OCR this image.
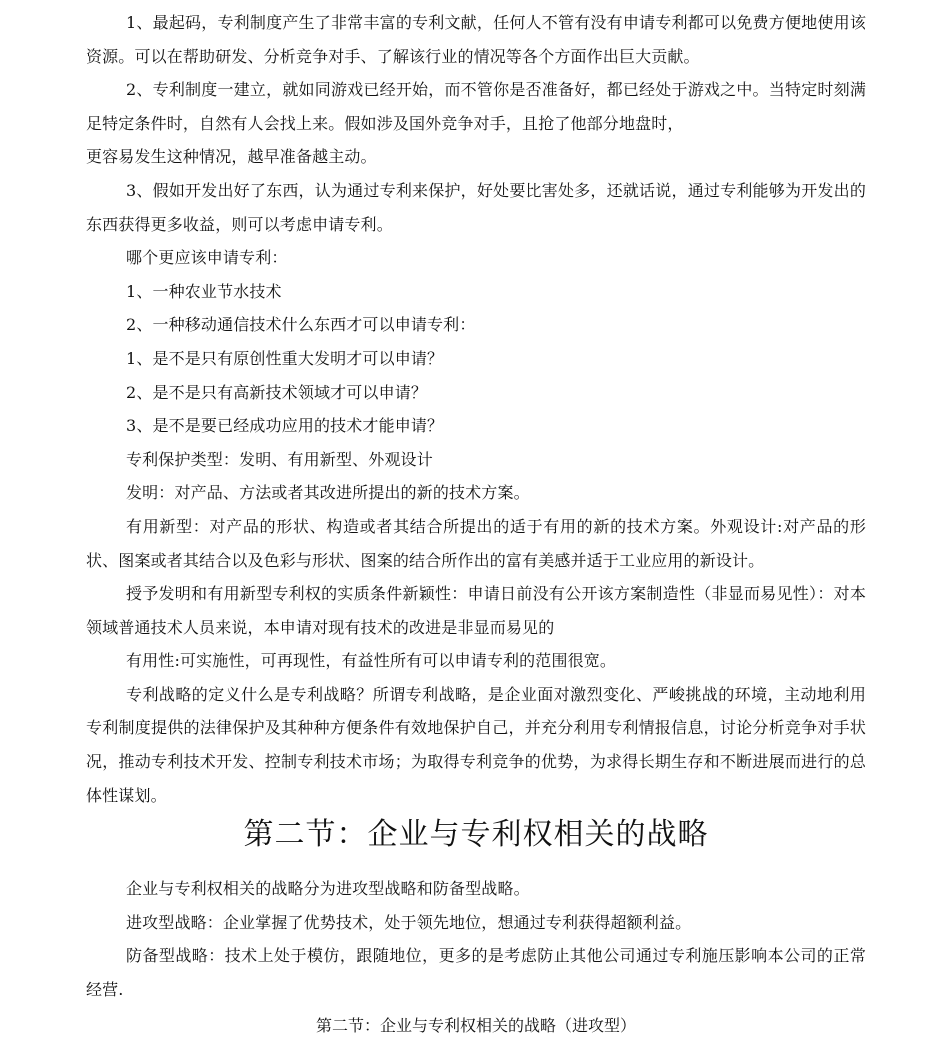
1、最起码，专利制度产生了非常丰富的专利文献，任何人不管有没有申请专利都可以免费方便地使用该资源。可以在帮助研发、分析竞争对手、了解该行业的情况等各个方面作出巨大贡献。

2、专利制度一建立，就如同游戏已经开始，而不管你是否准备好，都已经处于游戏之中。当特定时刻满足特定条件时，自然有人会找上来。假如涉及国外竞争对手，且抢了他部分地盘时，

更容易发生这种情况，越早准备越主动。

3、假如开发出好了东西，认为通过专利来保护，好处要比害处多，还就话说，通过专利能够为开发出的东西获得更多收益，则可以考虑申请专利。

哪个更应该申请专利：

1、一种农业节水技术

2、一种移动通信技术什么东西才可以申请专利：

1、是不是只有原创性重大发明才可以申请？

2、是不是只有高新技术领域才可以申请？

3、是不是要已经成功应用的技术才能申请？

专利保护类型：发明、有用新型、外观设计

发明：对产品、方法或者其改进所提出的新的技术方案。

有用新型：对产品的形状、构造或者其结合所提出的适于有用的新的技术方案。外观设计:对产品的形状、图案或者其结合以及色彩与形状、图案的结合所作出的富有美感并适于工业应用的新设计。

授予发明和有用新型专利权的实质条件新颖性：申请日前没有公开该方案制造性（非显而易见性）：对本领域普通技术人员来说，本申请对现有技术的改进是非显而易见的

有用性:可实施性，可再现性，有益性所有可以申请专利的范围很宽。

专利战略的定义什么是专利战略？所谓专利战略，是企业面对激烈变化、严峻挑战的环境，主动地利用专利制度提供的法律保护及其种种方便条件有效地保护自己，并充分利用专利情报信息，讨论分析竞争对手状况，推动专利技术开发、控制专利技术市场；为取得专利竞争的优势，为求得长期生存和不断进展而进行的总体性谋划。

第二节：企业与专利权相关的战略

企业与专利权相关的战略分为进攻型战略和防备型战略。

进攻型战略：企业掌握了优势技术，处于领先地位，想通过专利获得超额利益。

防备型战略：技术上处于模仿，跟随地位，更多的是考虑防止其他公司通过专利施压影响本公司的正常经营.

第二节：企业与专利权相关的战略（进攻型）
